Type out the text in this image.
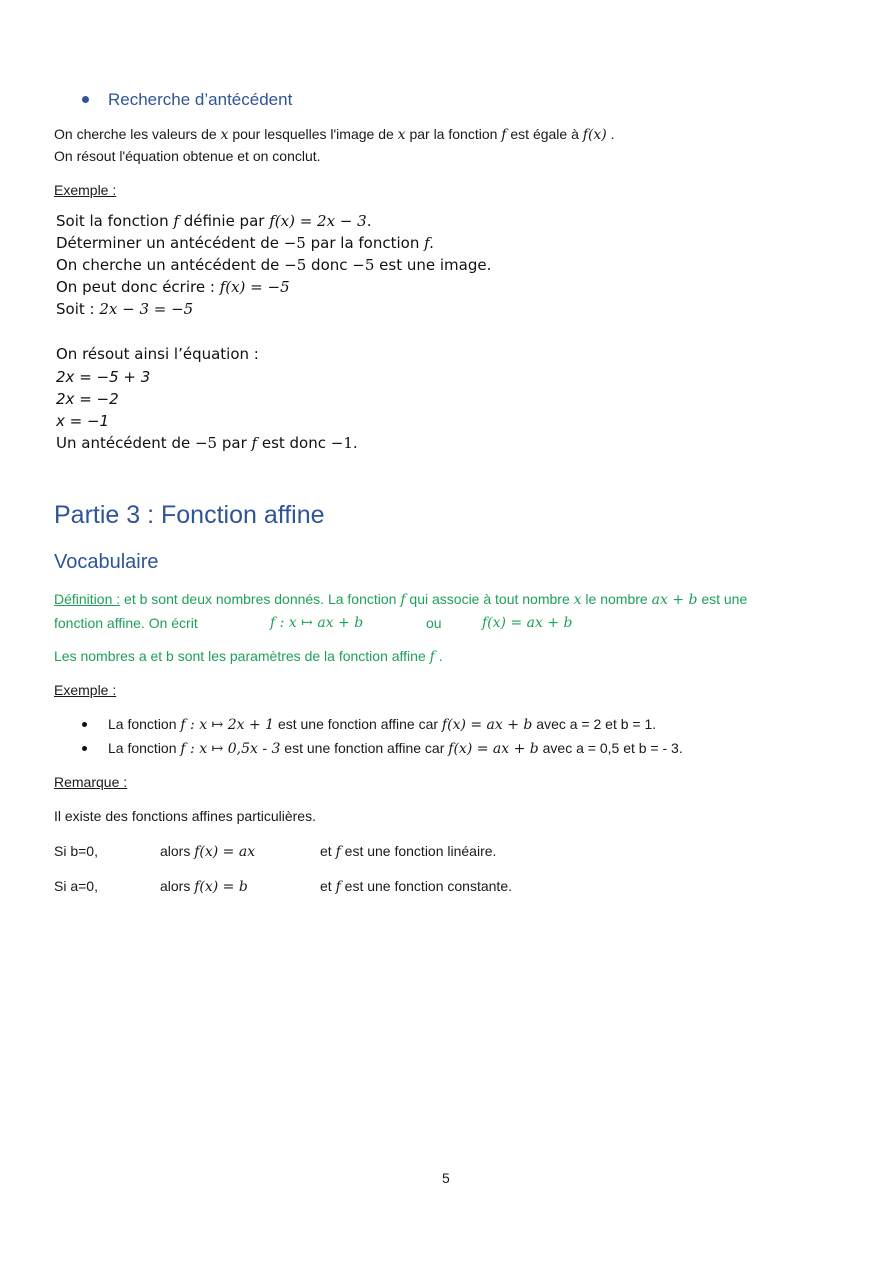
Recherche d’antécédent
On cherche les valeurs de x pour lesquelles l'image de x par la fonction f est égale à f(x) .
On résout l'équation obtenue et on conclut.
Exemple :
Soit la fonction f définie par f(x) = 2x − 3.
Déterminer un antécédent de −5 par la fonction f.
On cherche un antécédent de −5 donc −5 est une image.
On peut donc écrire : f(x) = −5
Soit : 2x − 3 = −5
On résout ainsi l’équation :
2x = −5 + 3
2x = −2
x = −1
Un antécédent de −5 par f est donc −1.
Partie 3 : Fonction affine
Vocabulaire
Définition : et b sont deux nombres donnés. La fonction f qui associe à tout nombre x le nombre ax + b est une
fonction affine. On écrit	f : x ↦ ax + b	ou	f(x) = ax + b
Les nombres a et b sont les paramètres de la fonction affine f .
Exemple :
La fonction f : x ↦ 2x + 1 est une fonction affine car f(x) = ax + b avec a = 2 et b = 1.
La fonction f : x ↦ 0,5x - 3 est une fonction affine car f(x) = ax + b avec a = 0,5 et b = - 3.
Remarque :
Il existe des fonctions affines particulières.
Si b=0,	alors f(x) = ax	et f est une fonction linéaire.
Si a=0,	alors f(x) = b	et f est une fonction constante.
5
